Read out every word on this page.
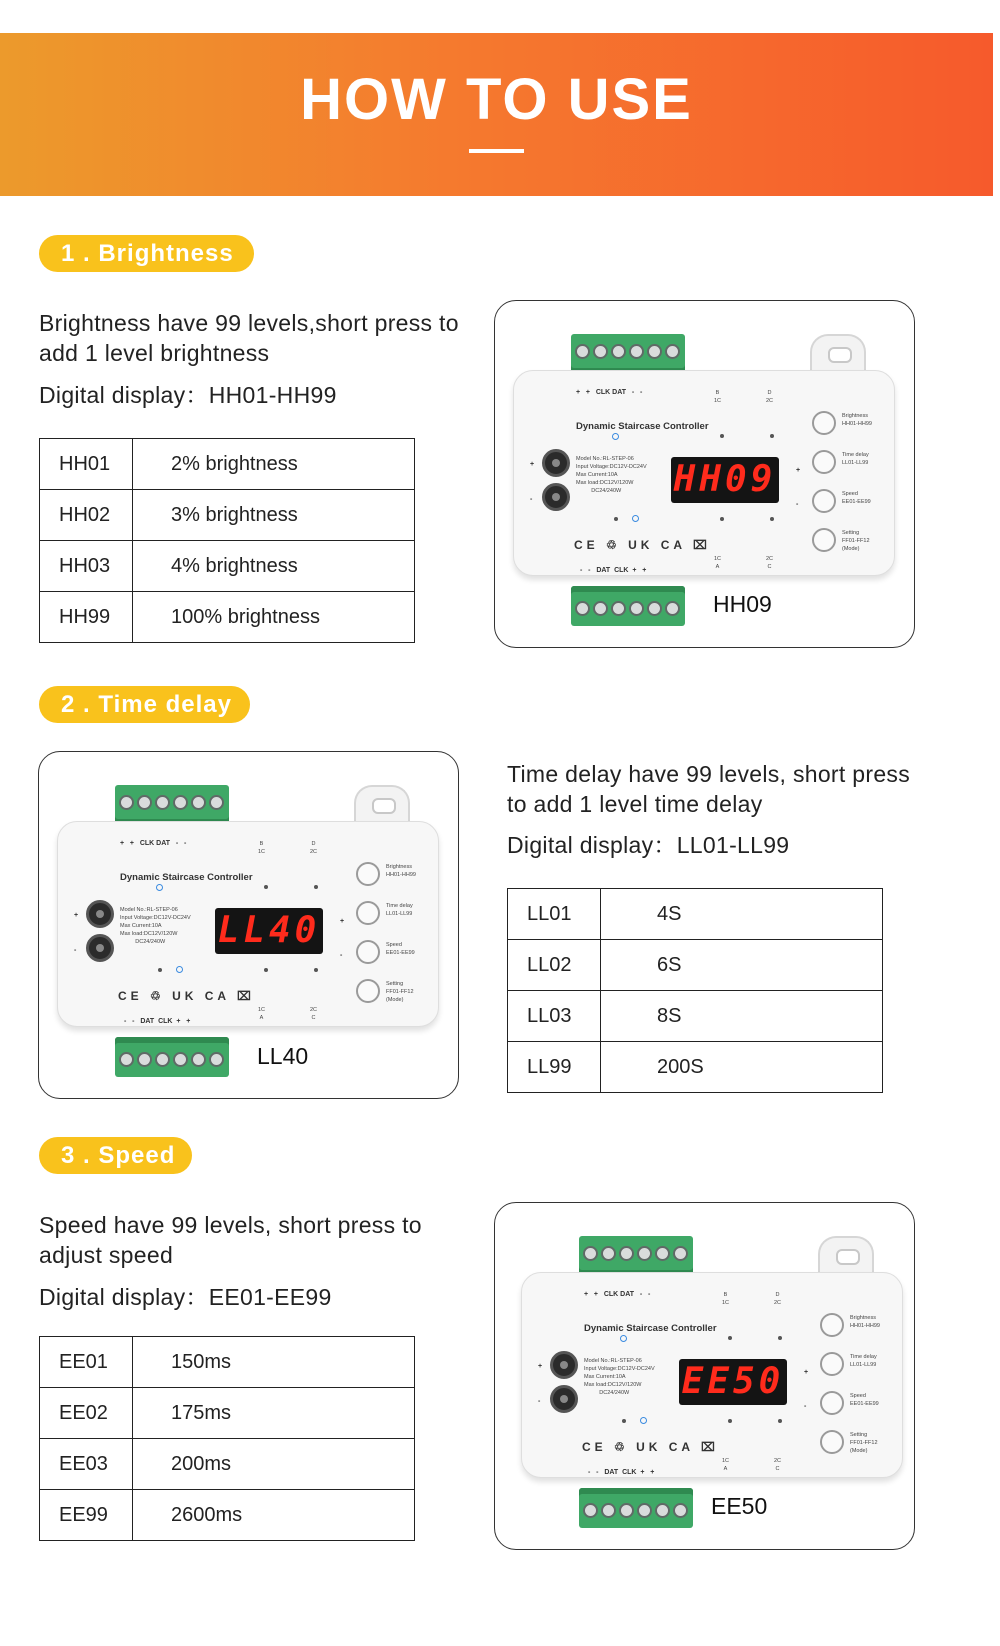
HOW TO USE
1 . Brightness
Brightness have 99 levels,short press to add 1 level brightness
Digital display：HH01-HH99
HH01	2% brightness
HH02	3% brightness
HH03	4% brightness
HH99	100% brightness
+   +   CLK DAT   -   -	B
1C
D
2C
Dynamic Staircase Controller
+
-
Model No.:RL-STEP-06
Input Voltage:DC12V-DC24V
Max Current:10A
Max load:DC12V/120W
DC24/240W	HH09
CE ♲ UK CA ⌧
1C
A
2C
C
-   -   DAT  CLK  +   +
+
-
Brightness
HH01-HH99
Time delay
LL01-LL99
Speed
EE01-EE99
Setting
FF01-FF12
(Mode)
HH09
2 . Time delay
+   +   CLK DAT   -   -	B
1C
D
2C
Dynamic Staircase Controller
+
-
Model No.:RL-STEP-06
Input Voltage:DC12V-DC24V
Max Current:10A
Max load:DC12V/120W
DC24/240W	LL40
CE ♲ UK CA ⌧
1C
A
2C
C
-   -   DAT  CLK  +   +
+
-
Brightness
HH01-HH99
Time delay
LL01-LL99
Speed
EE01-EE99
Setting
FF01-FF12
(Mode)
LL40
Time delay have 99 levels, short press to add 1 level time delay
Digital display：LL01-LL99
LL01	4S
LL02	6S
LL03	8S
LL99	200S
3 . Speed
Speed have 99 levels, short press to adjust speed
Digital display：EE01-EE99
EE01	150ms
EE02	175ms
EE03	200ms
EE99	2600ms
+   +   CLK DAT   -   -	B
1C
D
2C
Dynamic Staircase Controller
+
-
Model No.:RL-STEP-06
Input Voltage:DC12V-DC24V
Max Current:10A
Max load:DC12V/120W
DC24/240W	EE50
CE ♲ UK CA ⌧
1C
A
2C
C
-   -   DAT  CLK  +   +
+
-
Brightness
HH01-HH99
Time delay
LL01-LL99
Speed
EE01-EE99
Setting
FF01-FF12
(Mode)
EE50
